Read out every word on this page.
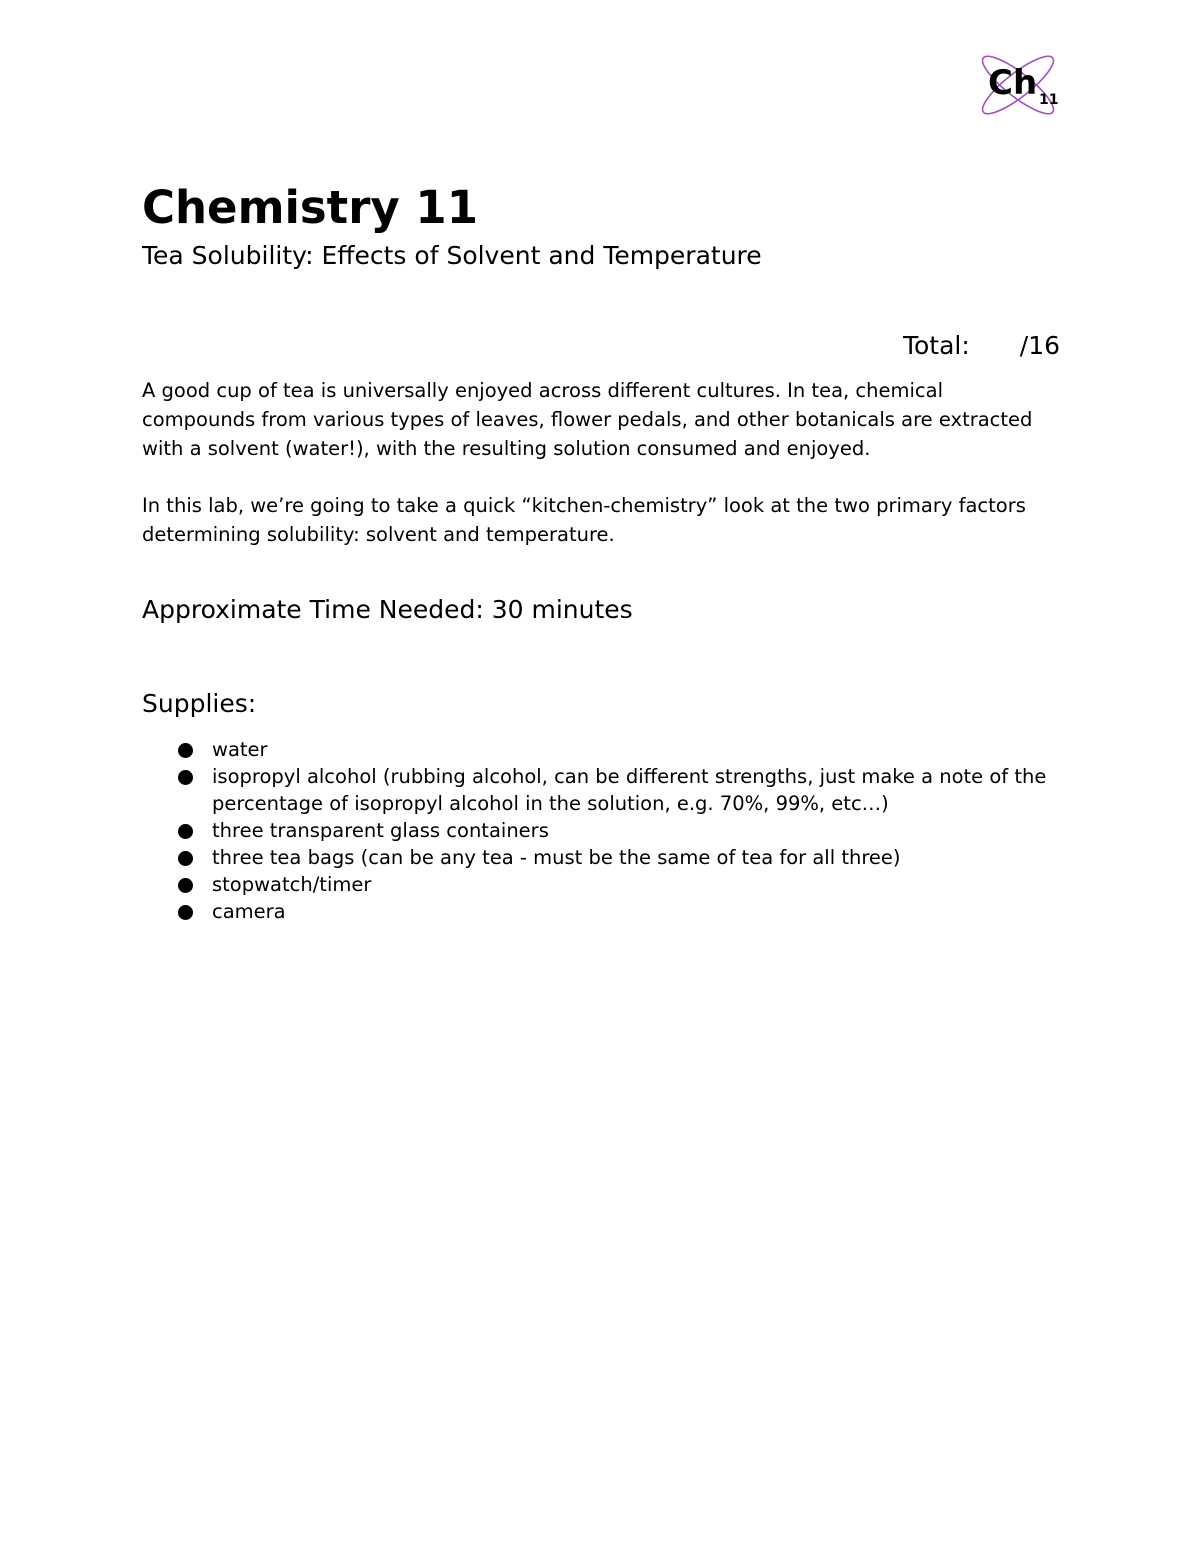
Ch 11
Chemistry 11
Tea Solubility: Effects of Solvent and Temperature
Total: /16

A good cup of tea is universally enjoyed across different cultures. In tea, chemical compounds from various types of leaves, flower pedals, and other botanicals are extracted with a solvent (water!), with the resulting solution consumed and enjoyed.

In this lab, we’re going to take a quick “kitchen-chemistry” look at the two primary factors determining solubility: solvent and temperature.

Approximate Time Needed: 30 minutes
Supplies:
water
isopropyl alcohol (rubbing alcohol, can be different strengths, just make a note of the percentage of isopropyl alcohol in the solution, e.g. 70%, 99%, etc…)
three transparent glass containers
three tea bags (can be any tea - must be the same of tea for all three)
stopwatch/timer
camera
